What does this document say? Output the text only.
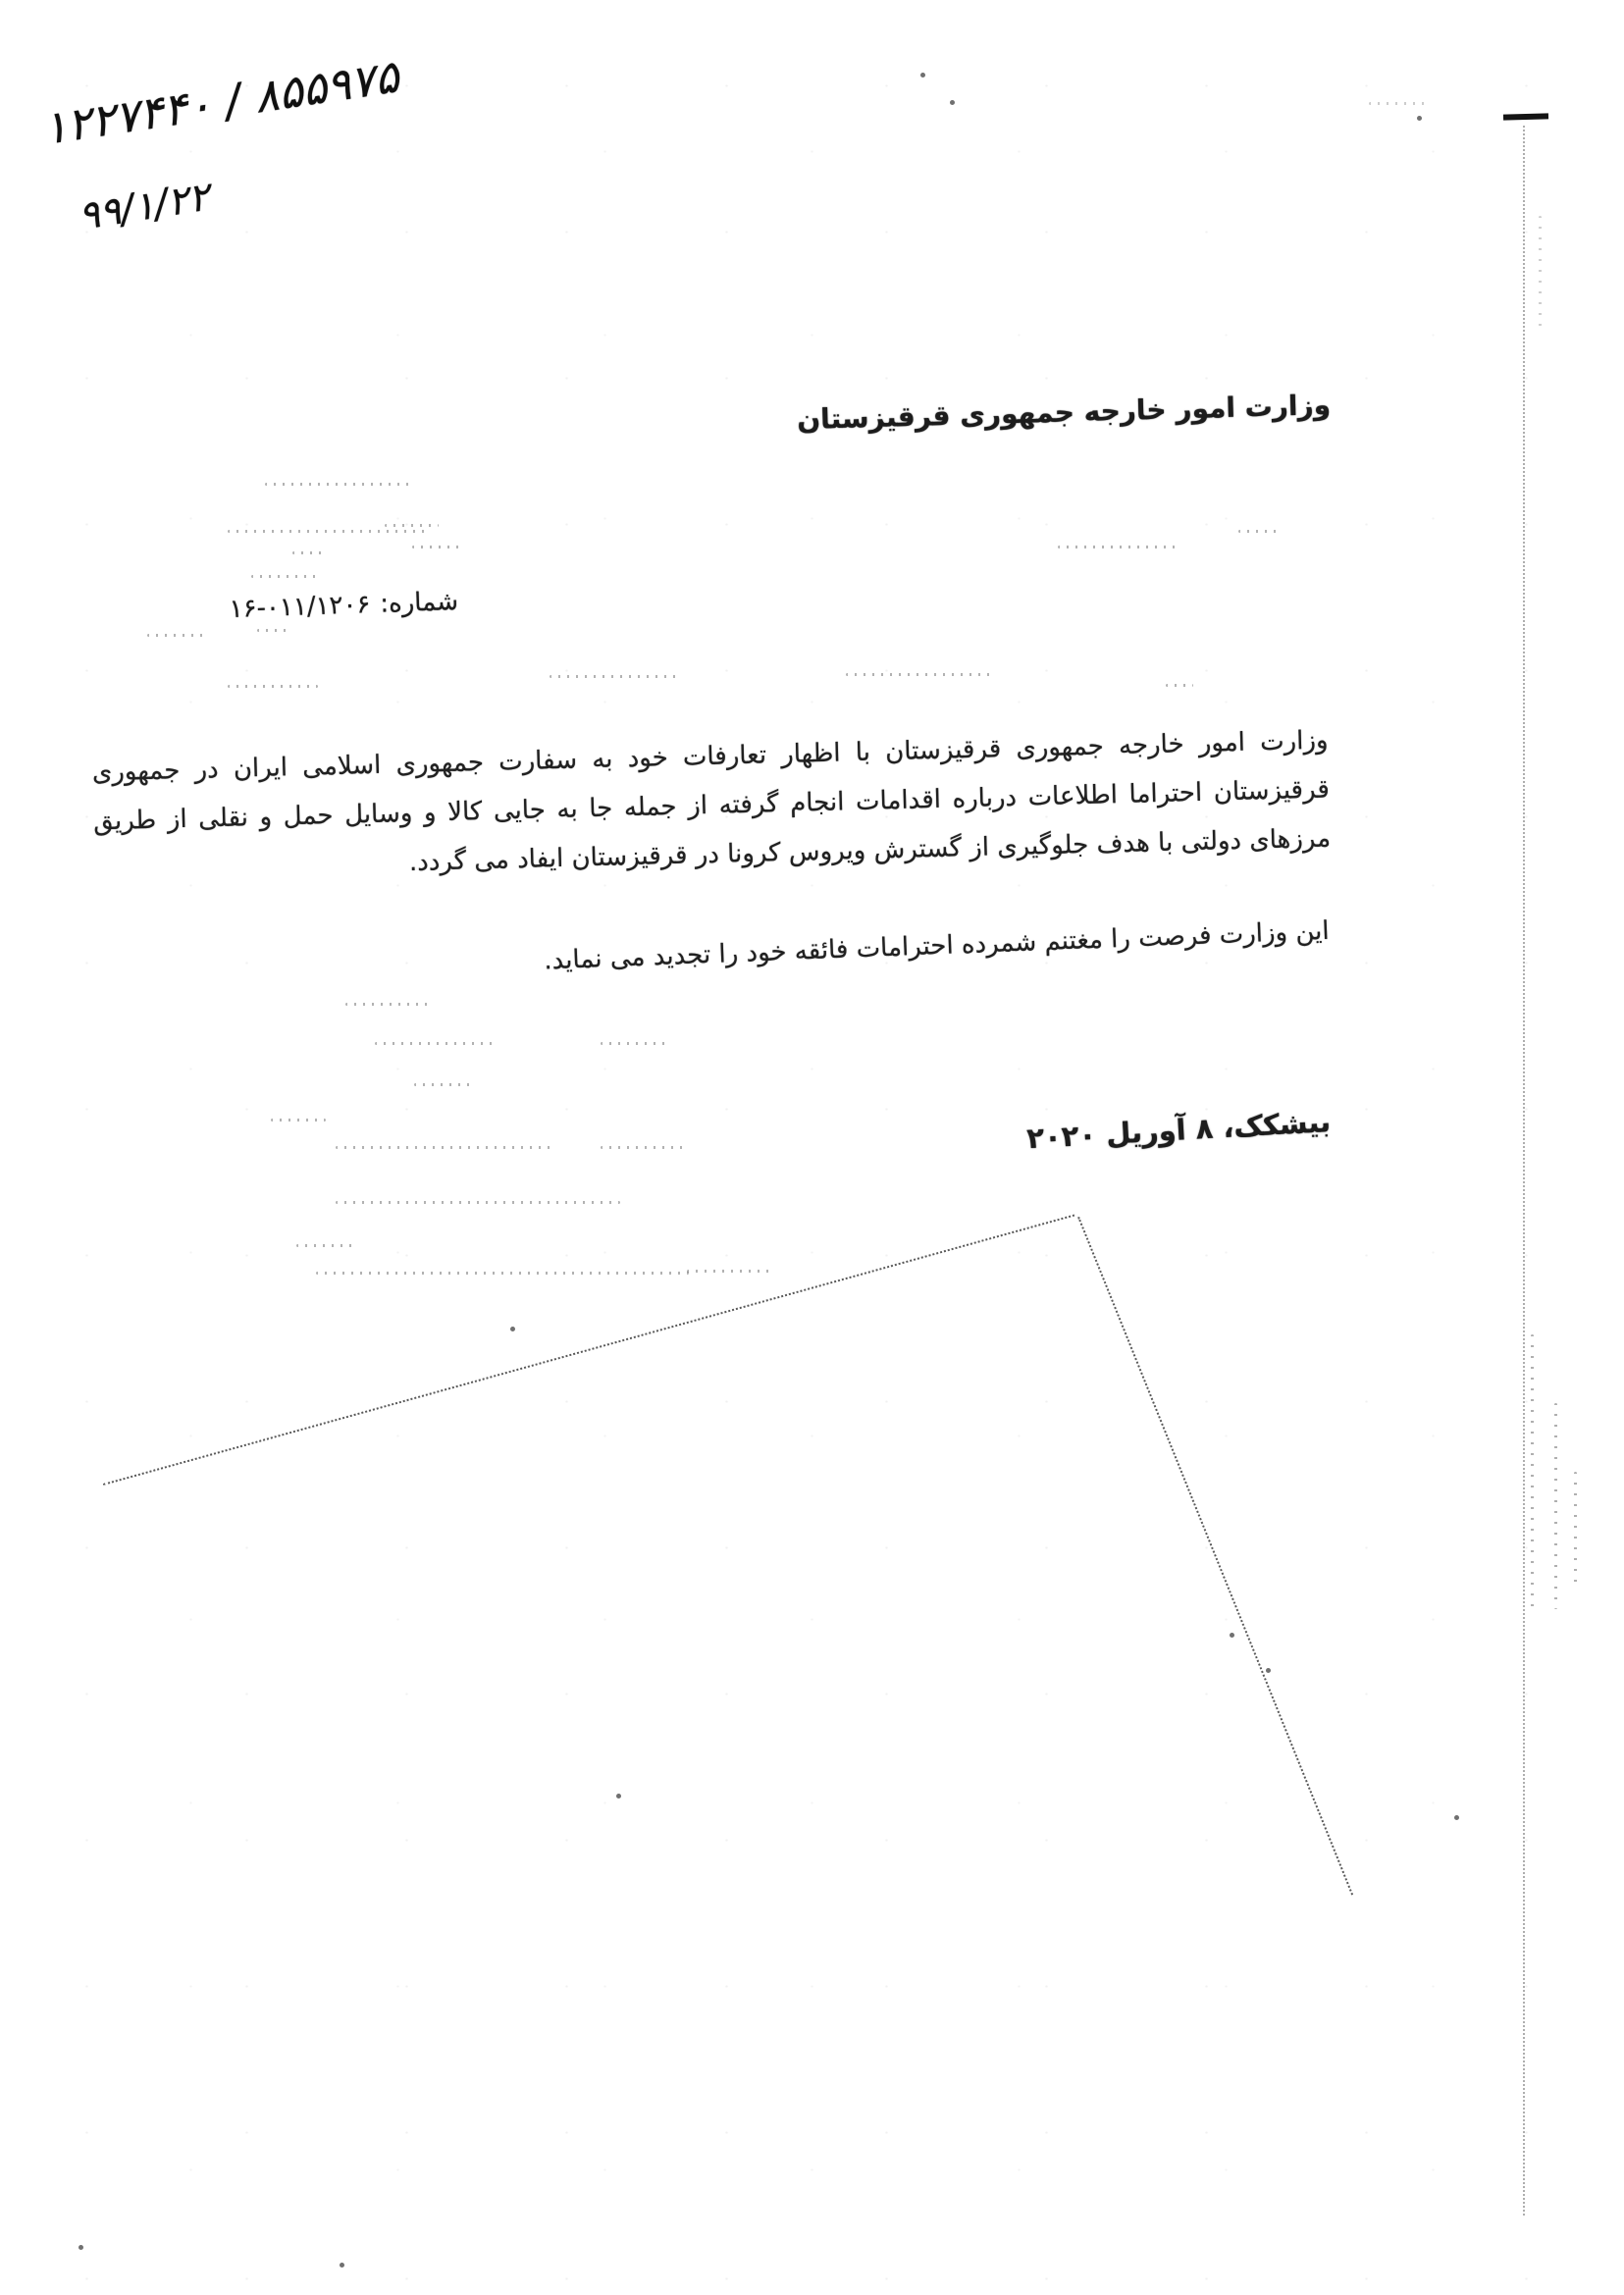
۱۲۲۷۴۴۰ / ۸۵۵۹۷۵
۹۹/۱/۲۲
وزارت امور خارجه جمهوری قرقیزستان
شماره:
۱۶-۰۱۱/۱۲۰۶
وزارت امور خارجه جمهوری قرقیزستان با اظهار تعارفات خود به سفارت جمهوری اسلامی ایران در جمهوری قرقیزستان احتراما اطلاعات درباره اقدامات انجام گرفته از جمله جا به جایی کالا و وسایل حمل و نقلی از طریق مرزهای دولتی با هدف جلوگیری از گسترش ویروس کرونا در قرقیزستان ایفاد می گردد.
این وزارت فرصت را مغتنم شمرده احترامات فائقه خود را تجدید می نماید.
بیشکک، ۸ آوریل ۲۰۲۰
